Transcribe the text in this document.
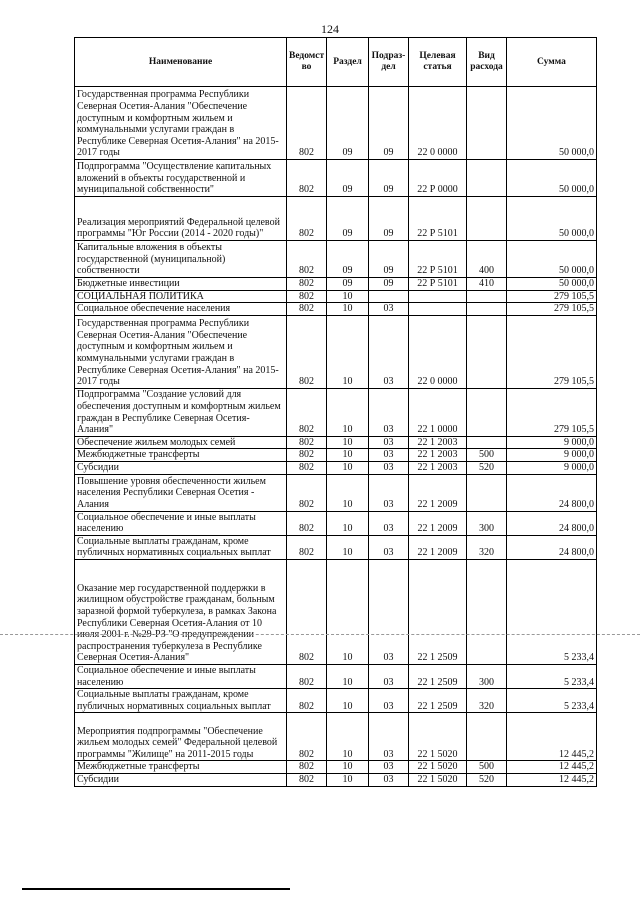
124
Наименование	Ведомст во	Раздел	Подраз- дел	Целевая статья	Вид расхода	Сумма
Государственная программа Республики Северная Осетия-Алания "Обеспечение доступным и комфортным жильем и коммунальными услугами граждан в Республике Северная Осетия-Алания" на 2015-2017 годы	802	09	09	22 0 0000		50 000,0
Подпрограмма "Осуществление капитальных вложений в объекты государственной и муниципальной собственности"	802	09	09	22 Р 0000		50 000,0
Реализация мероприятий Федеральной целевой программы "Юг России (2014 - 2020 годы)"	802	09	09	22 Р 5101		50 000,0
Капитальные вложения в объекты государственной (муниципальной) собственности	802	09	09	22 Р 5101	400	50 000,0
Бюджетные инвестиции	802	09	09	22 Р 5101	410	50 000,0
СОЦИАЛЬНАЯ ПОЛИТИКА	802	10				279 105,5
Социальное обеспечение населения	802	10	03			279 105,5
Государственная программа Республики Северная Осетия-Алания "Обеспечение доступным и комфортным жильем и коммунальными услугами граждан в Республике Северная Осетия-Алания" на 2015-2017 годы	802	10	03	22 0 0000		279 105,5
Подпрограмма "Создание условий для обеспечения доступным и комфортным жильем граждан в Республике Северная Осетия-Алания"	802	10	03	22 1 0000		279 105,5
Обеспечение жильем молодых семей	802	10	03	22 1 2003		9 000,0
Межбюджетные трансферты	802	10	03	22 1 2003	500	9 000,0
Субсидии	802	10	03	22 1 2003	520	9 000,0
Повышение уровня обеспеченности жильем населения Республики Северная Осетия - Алания	802	10	03	22 1 2009		24 800,0
Социальное обеспечение и иные выплаты населению	802	10	03	22 1 2009	300	24 800,0
Социальные выплаты гражданам, кроме публичных нормативных социальных выплат	802	10	03	22 1 2009	320	24 800,0
Оказание мер государственной поддержки в жилищном обустройстве гражданам, больным заразной формой туберкулеза, в рамках Закона Республики Северная Осетия-Алания от 10 июля 2001 г. №29-РЗ "О предупреждении распространения туберкулеза в Республике Северная Осетия-Алания"	802	10	03	22 1 2509		5 233,4
Социальное обеспечение и иные выплаты населению	802	10	03	22 1 2509	300	5 233,4
Социальные выплаты гражданам, кроме публичных нормативных социальных выплат	802	10	03	22 1 2509	320	5 233,4
Мероприятия подпрограммы "Обеспечение жильем молодых семей" Федеральной целевой программы "Жилище" на 2011-2015 годы	802	10	03	22 1 5020		12 445,2
Межбюджетные трансферты	802	10	03	22 1 5020	500	12 445,2
Субсидии	802	10	03	22 1 5020	520	12 445,2
